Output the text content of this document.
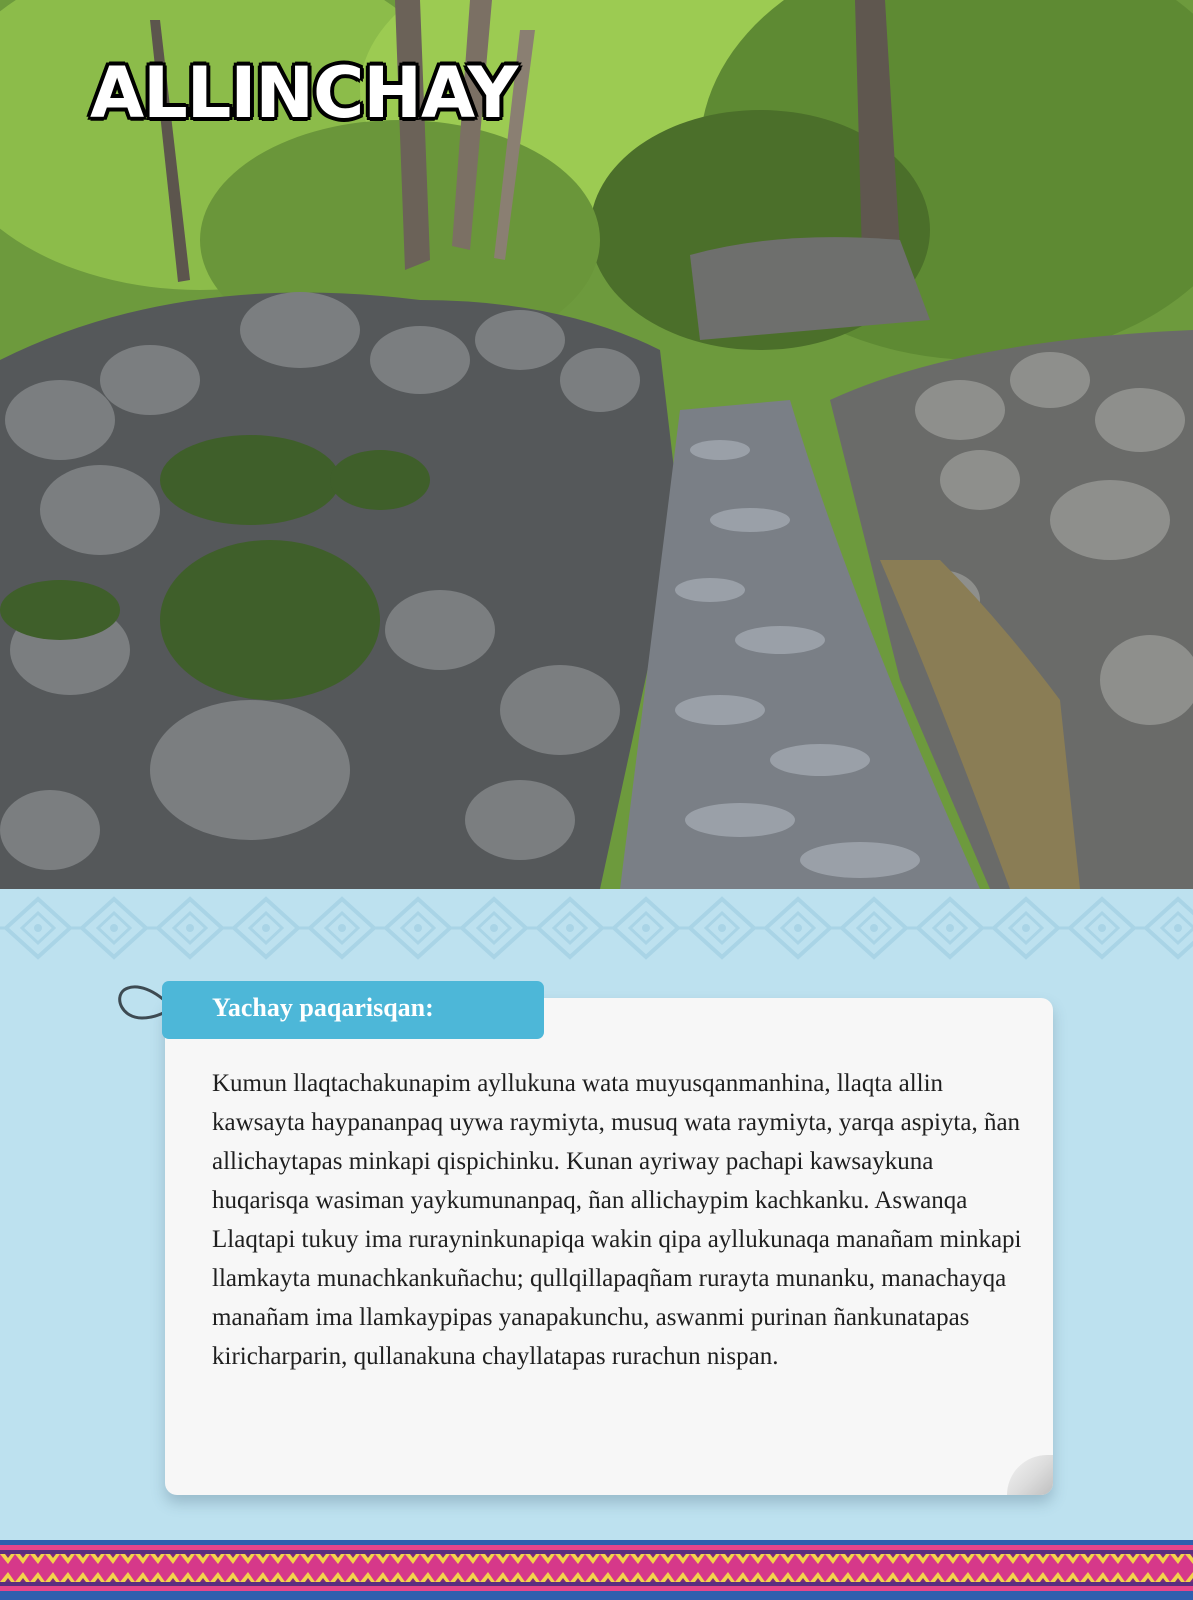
ALLINCHAY

Kumun llaqtachakunapim ayllukuna wata muyusqanmanhina, llaqta allin kawsayta haypananpaq uywa raymiyta, musuq wata raymiyta, yarqa aspiyta, ñan allichaytapas minkapi qispichinku. Kunan ayriway pachapi kawsaykuna huqarisqa wasiman yaykumunanpaq, ñan allichaypim kachkanku. Aswanqa Llaqtapi tukuy ima rurayninkunapiqa wakin qipa ayllukunaqa manañam minkapi llamkayta munachkankuñachu; qullqillapaqñam rurayta munanku, manachayqa manañam ima llamkaypipas yanapakunchu, aswanmi purinan ñankunatapas kiricharparin, qullanakuna chayllatapas rurachun nispan.

Yachay paqarisqan:
